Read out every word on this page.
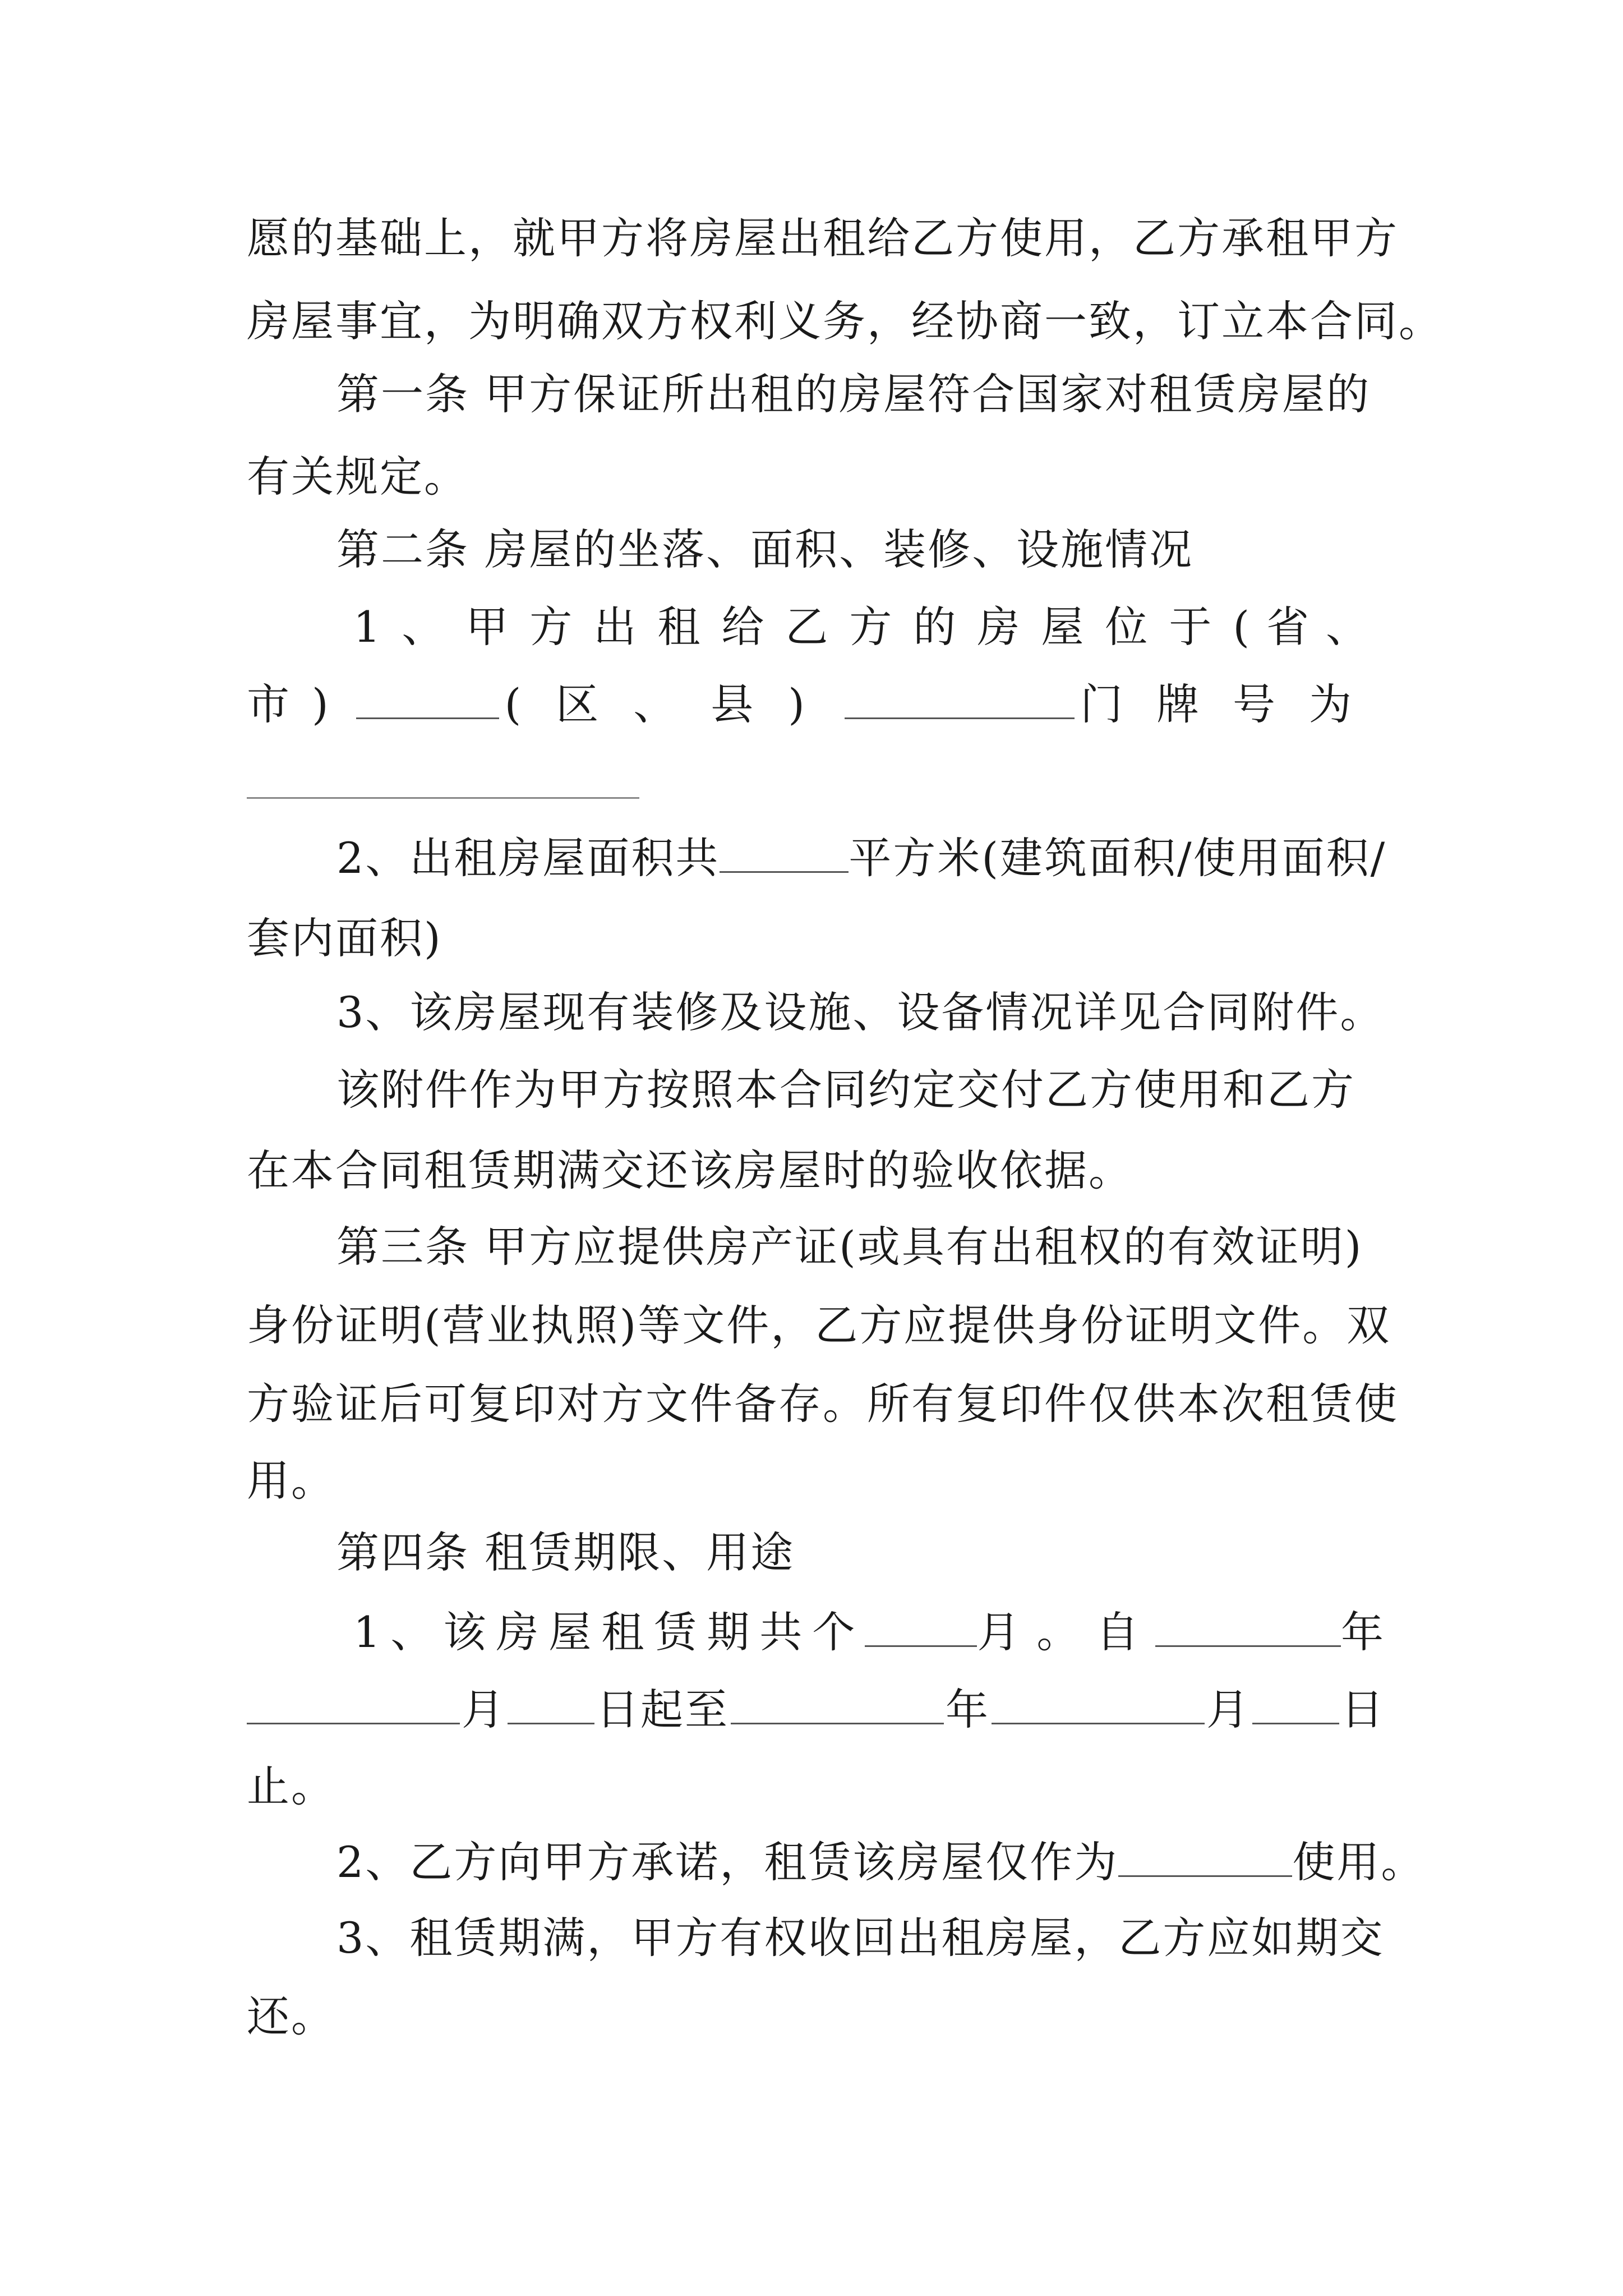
愿的基础上，就甲方将房屋出租给乙方使用，乙方承租甲方
房屋事宜，为明确双方权利义务，经协商一致，订立本合同。
第一条 甲方保证所出租的房屋符合国家对租赁房屋的
有关规定。
第二条 房屋的坐落、面积、装修、设施情况
1、甲方出租给乙方的房屋位于 (省、
市)	(区、县)	门牌号为
2、出租房屋面积共	平方米(建筑面积/使用面积/
套内面积)
3、该房屋现有装修及设施、设备情况详见合同附件。
该附件作为甲方按照本合同约定交付乙方使用和乙方
在本合同租赁期满交还该房屋时的验收依据。
第三条 甲方应提供房产证(或具有出租权的有效证明)
身份证明(营业执照)等文件，乙方应提供身份证明文件。双
方验证后可复印对方文件备存。所有复印件仅供本次租赁使
用。
第四条 租赁期限、用途
1、该房屋租赁期共个	月。自	年
月 日起至	年	月 日
止。
2、乙方向甲方承诺，租赁该房屋仅作为	使用。
3、租赁期满，甲方有权收回出租房屋，乙方应如期交
还。
